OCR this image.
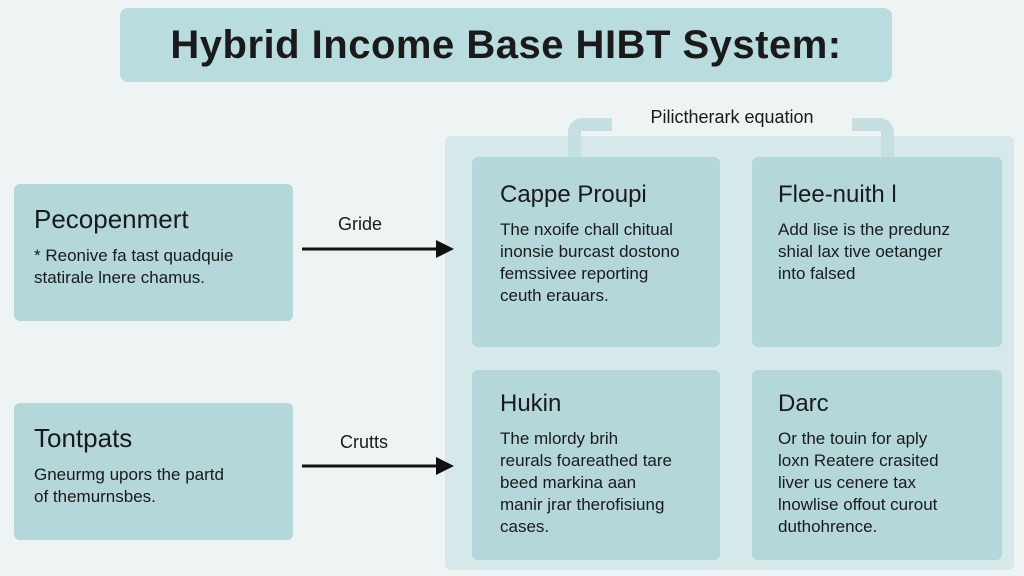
Hybrid Income Base HIBT System:
Pilictherark equation
Pecopenmert
* Reonive fa tast quadquie
statirale lnere chamus.
Tontpats
Gneurmg upors the partd
of themurnsbes.
Gride
Crutts
Cappe Proupi
The nxoife chall chitual
inonsie burcast dostono
femssivee reporting
ceuth erauars.
Flee-nuith l
Add lise is the predunz
shial lax tive oetanger
into falsed
Hukin
The mlordy brih
reurals foareathed tare
beed markina aan
manir jrar therofisiung
cases.
Darc
Or the touin for aply
loxn Reatere crasited
liver us cenere tax
lnowlise offout curout
duthohrence.
